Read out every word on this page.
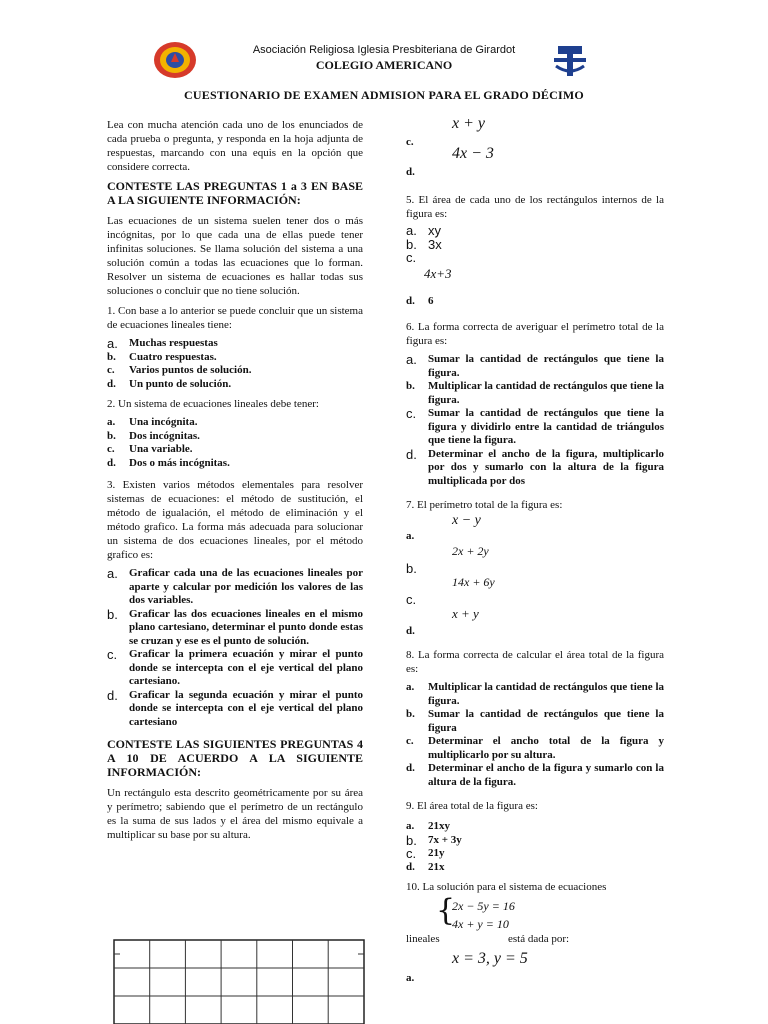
Asociación Religiosa Iglesia Presbiteriana de Girardot
COLEGIO AMERICANO
CUESTIONARIO DE EXAMEN ADMISION PARA EL GRADO DÉCIMO
Lea con mucha atención cada uno de los enunciados de cada prueba o pregunta, y responda en la hoja adjunta de respuestas, marcando con una equis en la opción que considere correcta.
CONTESTE LAS PREGUNTAS 1 a 3 EN BASE A LA SIGUIENTE INFORMACIÓN:
Las ecuaciones de un sistema suelen tener dos o más incógnitas, por lo que cada una de ellas puede tener infinitas soluciones. Se llama solución del sistema a una solución común a todas las ecuaciones que lo forman. Resolver un sistema de ecuaciones es hallar todas sus soluciones o concluir que no tiene solución.
1. Con base a lo anterior se puede concluir que un sistema de ecuaciones lineales tiene:
a.	Muchas respuestas
b.	Cuatro respuestas.
c.	Varios puntos de solución.
d.	Un punto de solución.
2. Un sistema de ecuaciones lineales debe tener:
a.	Una incógnita.
b.	Dos incógnitas.
c.	Una variable.
d.	Dos o más incógnitas.
3. Existen varios métodos elementales para resolver sistemas de ecuaciones: el método de sustitución, el método de igualación, el método de eliminación y el método grafico. La forma más adecuada para solucionar un sistema de dos ecuaciones lineales, por el método grafico es:
a.	Graficar cada una de las ecuaciones lineales por aparte y calcular por medición los valores de las dos variables.
b.	Graficar las dos ecuaciones lineales en el mismo plano cartesiano, determinar el punto donde estas se cruzan y ese es el punto de solución.
c.	Graficar la primera ecuación y mirar el punto donde se intercepta con el eje vertical del plano cartesiano.
d.	Graficar la segunda ecuación y mirar el punto donde se intercepta con el eje vertical del plano cartesiano
CONTESTE LAS SIGUIENTES PREGUNTAS 4 A 10 DE ACUERDO A LA SIGUIENTE INFORMACIÓN:
Un rectángulo esta descrito geométricamente por su área y perímetro; sabiendo que el perímetro de un rectángulo es la suma de sus lados y el área del mismo equivale a multiplicar su base por su altura.
x + y
c.
4x − 3
d.
5. El área de cada uno de los rectángulos internos de la figura es:
a. xy
b. 3x
c.
4x+3
d.	6
6. La forma correcta de averiguar el perímetro total de la figura es:
a.	Sumar la cantidad de rectángulos que tiene la figura.
b.	Multiplicar la cantidad de rectángulos que tiene la figura.
c.	Sumar la cantidad de rectángulos que tiene la figura y dividirlo entre la cantidad de triángulos que tiene la figura.
d.	Determinar el ancho de la figura, multiplicarlo por dos y sumarlo con la altura de la figura multiplicada por dos
7. El perímetro total de la figura es:
x − y
a.
2x + 2y
b.
14x + 6y
c.
x + y
d.
8. La forma correcta de calcular el área total de la figura es:
a.	Multiplicar la cantidad de rectángulos que tiene la figura.
b.	Sumar la cantidad de rectángulos que tiene la figura
c.	Determinar el ancho total de la figura y multiplicarlo por su altura.
d.	Determinar el ancho de la figura y sumarlo con la altura de la figura.
9. El área total de la figura es:
a.	21xy
b.	7x + 3y
c.	21y
d.	21x
10. La solución para el sistema de ecuaciones
{
2x − 5y = 16
4x + y = 10
lineales	está dada por:
x = 3, y = 5
a.
